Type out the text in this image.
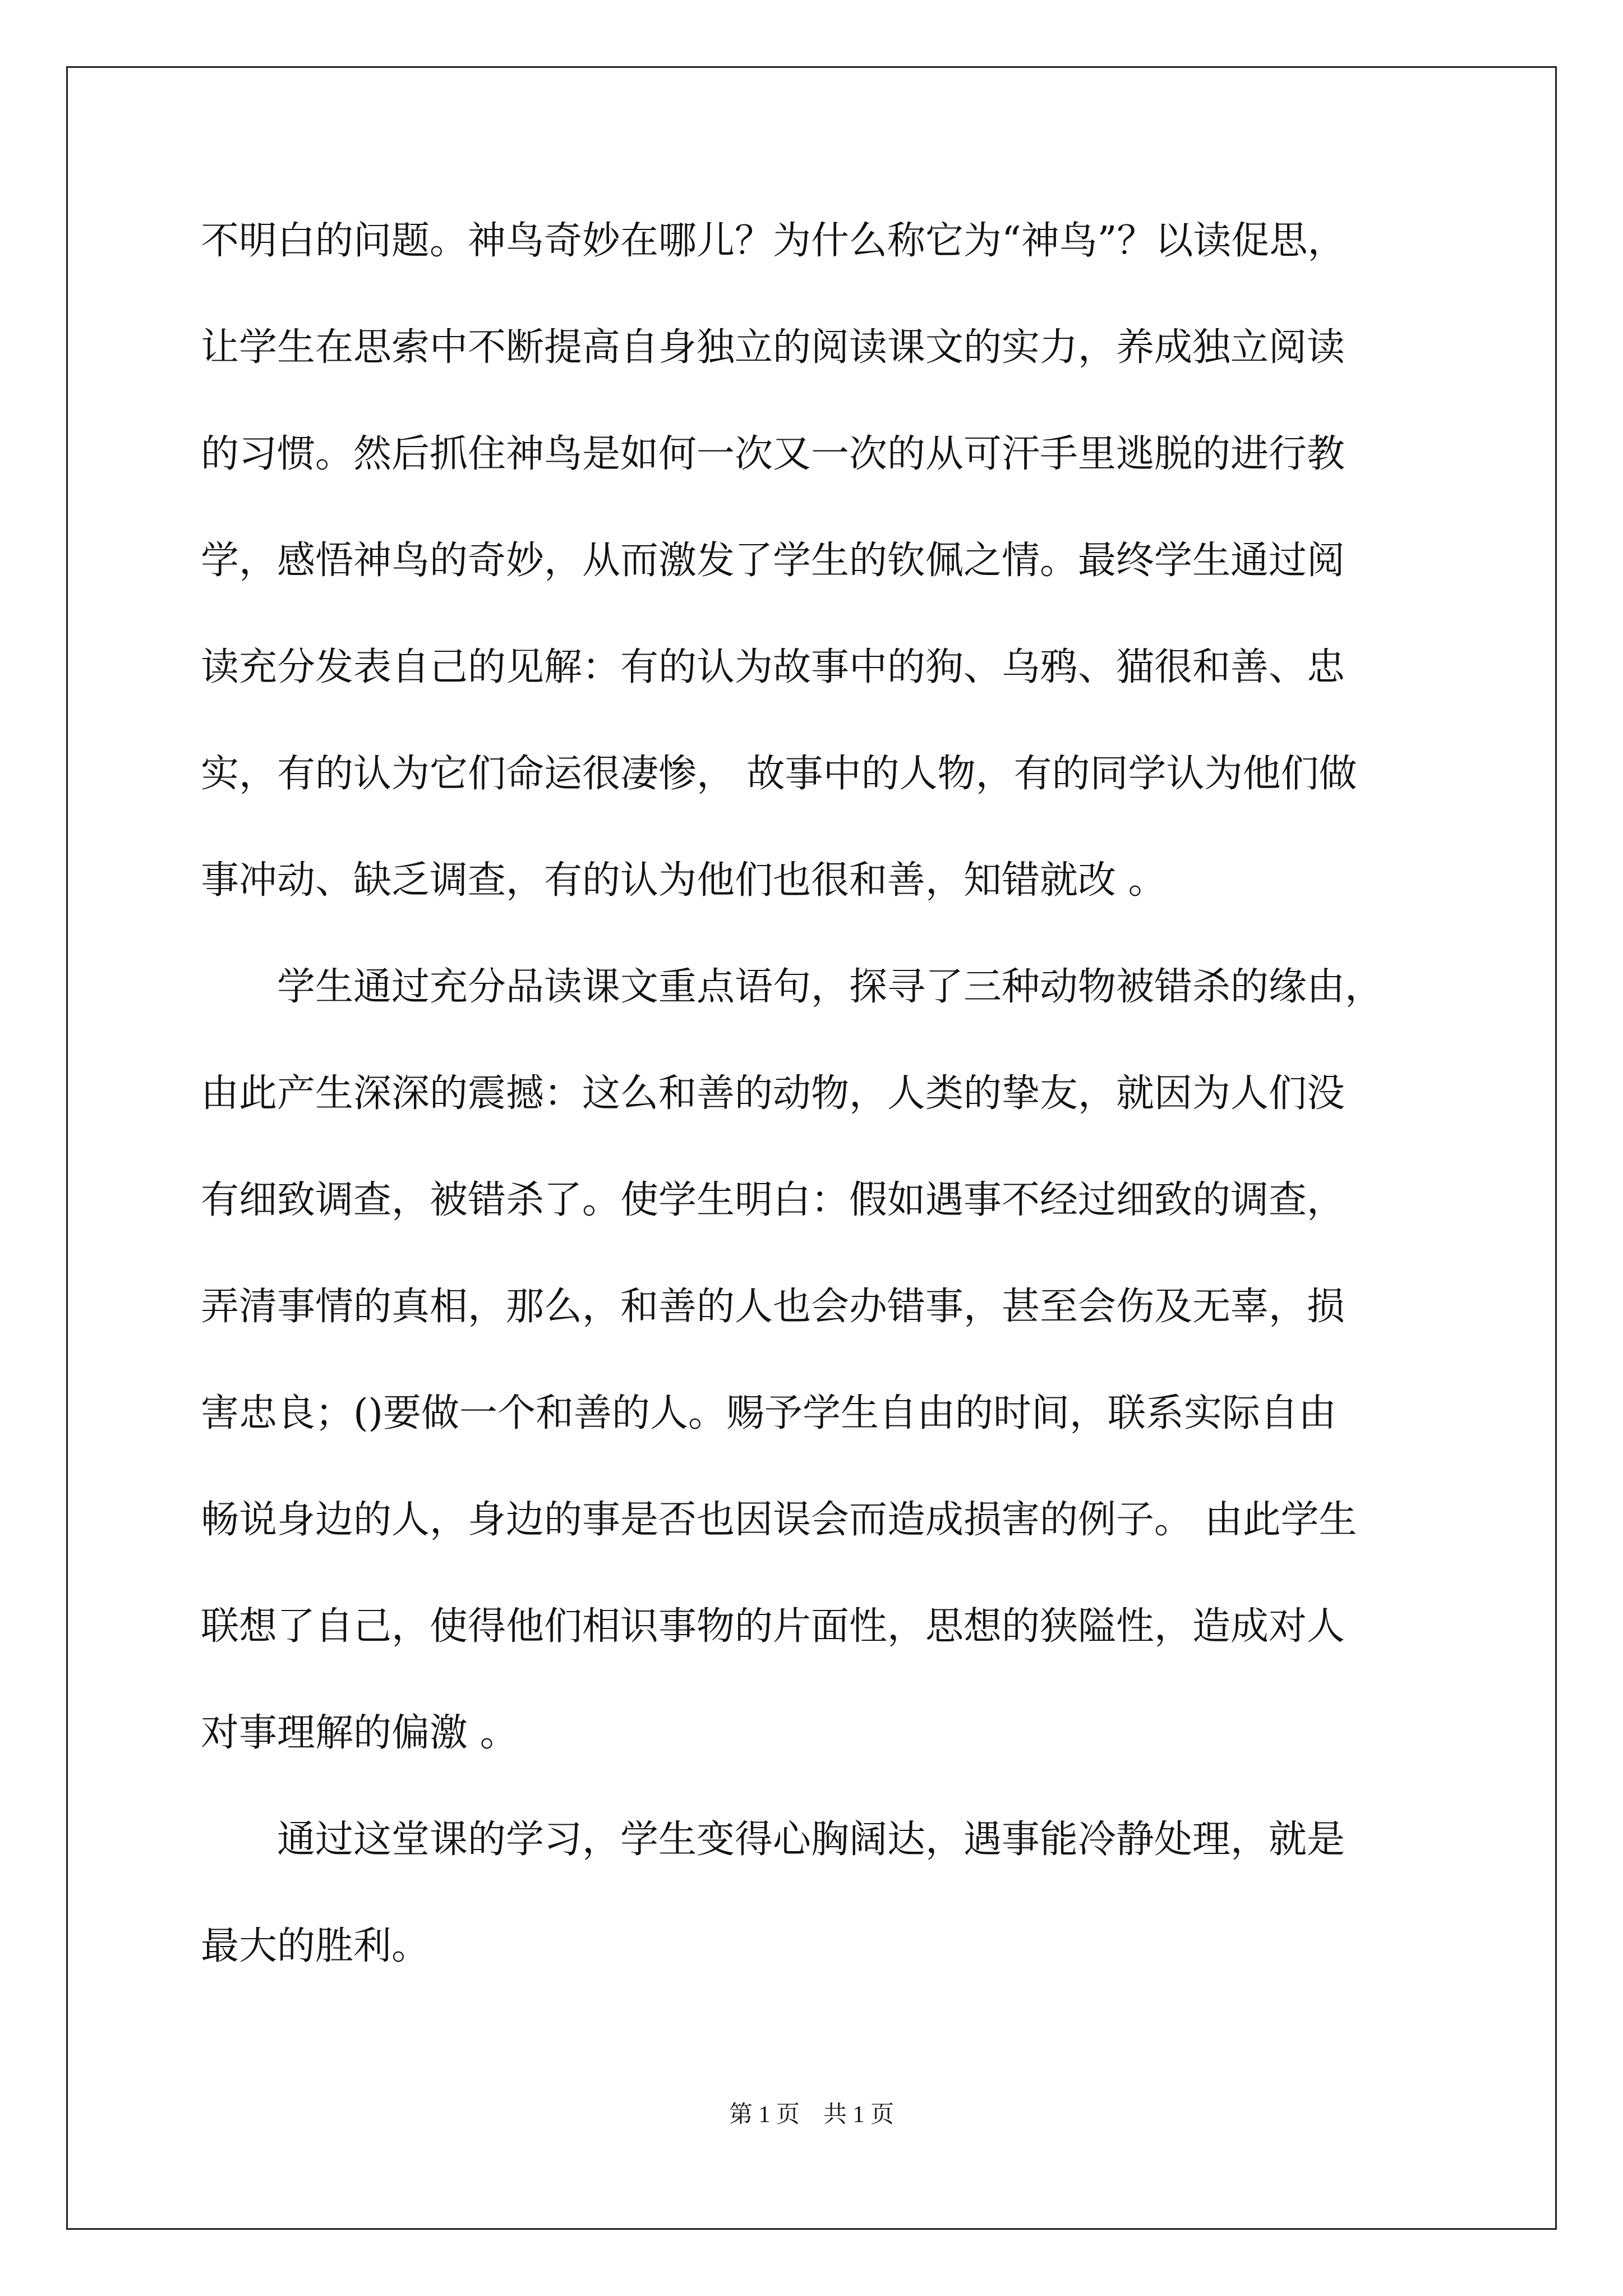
不明白的问题。神鸟奇妙在哪儿？为什么称它为“神鸟”？以读促思，
让学生在思索中不断提高自身独立的阅读课文的实力，养成独立阅读
的习惯。然后抓住神鸟是如何一次又一次的从可汗手里逃脱的进行教
学，感悟神鸟的奇妙，从而激发了学生的钦佩之情。最终学生通过阅
读充分发表自己的见解：有的认为故事中的狗、乌鸦、猫很和善、忠
实，有的认为它们命运很凄惨， 故事中的人物，有的同学认为他们做
事冲动、缺乏调查，有的认为他们也很和善，知错就改 。
　　学生通过充分品读课文重点语句，探寻了三种动物被错杀的缘由，
由此产生深深的震撼：这么和善的动物，人类的挚友，就因为人们没
有细致调查，被错杀了。使学生明白：假如遇事不经过细致的调查，
弄清事情的真相，那么，和善的人也会办错事，甚至会伤及无辜，损
害忠良；()要做一个和善的人。赐予学生自由的时间，联系实际自由
畅说身边的人，身边的事是否也因误会而造成损害的例子。 由此学生
联想了自己，使得他们相识事物的片面性，思想的狭隘性，造成对人
对事理解的偏激 。
　　通过这堂课的学习，学生变得心胸阔达，遇事能冷静处理，就是
最大的胜利。
第 1 页　共 1 页
